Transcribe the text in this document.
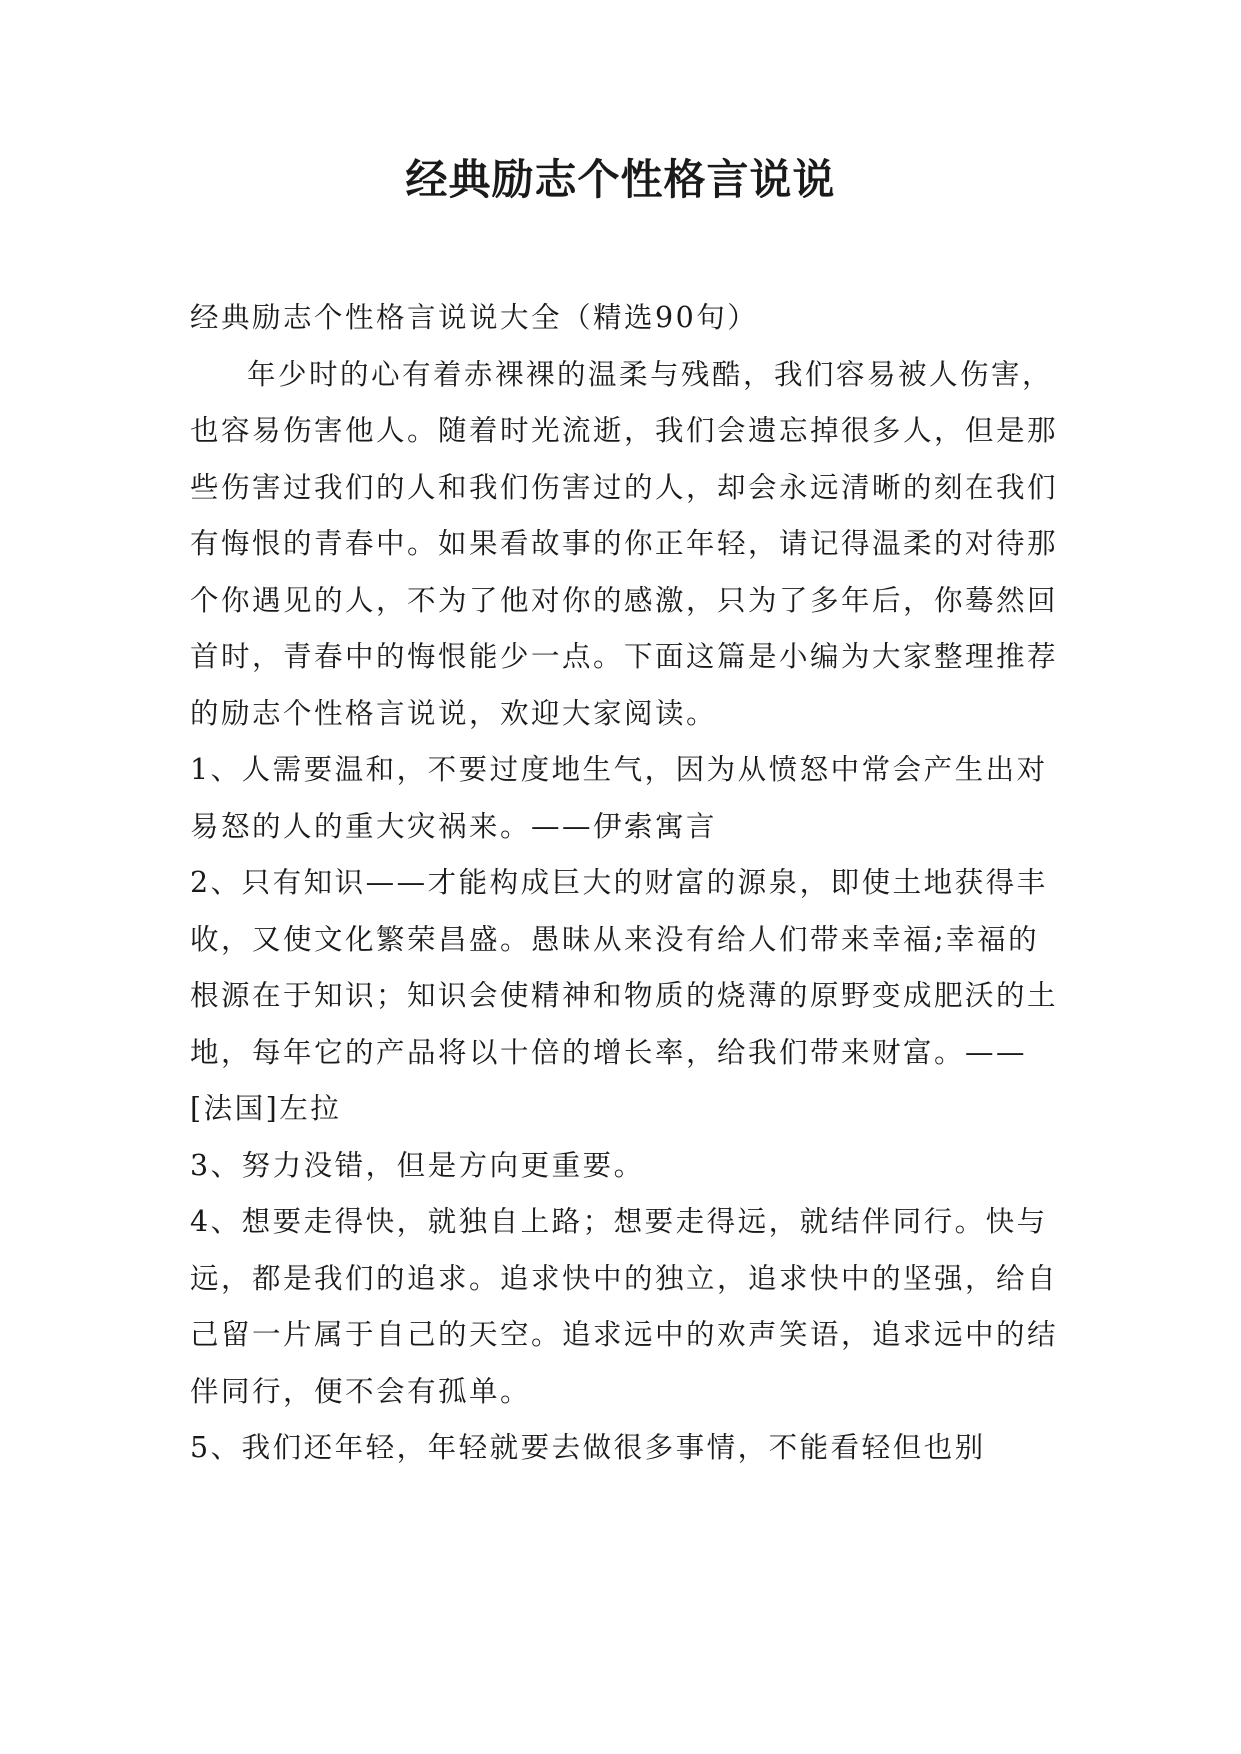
经典励志个性格言说说

经典励志个性格言说说大全（精选90句）

年少时的心有着赤裸裸的温柔与残酷，我们容易被人伤害，也容易伤害他人。随着时光流逝，我们会遗忘掉很多人，但是那些伤害过我们的人和我们伤害过的人，却会永远清晰的刻在我们有悔恨的青春中。如果看故事的你正年轻，请记得温柔的对待那个你遇见的人，不为了他对你的感激，只为了多年后，你蓦然回首时，青春中的悔恨能少一点。下面这篇是小编为大家整理推荐的励志个性格言说说，欢迎大家阅读。

1、人需要温和，不要过度地生气，因为从愤怒中常会产生出对易怒的人的重大灾祸来。——伊索寓言

2、只有知识——才能构成巨大的财富的源泉，即使土地获得丰收，又使文化繁荣昌盛。愚昧从来没有给人们带来幸福;幸福的根源在于知识；知识会使精神和物质的烧薄的原野变成肥沃的土地，每年它的产品将以十倍的增长率，给我们带来财富。——[法国]左拉

3、努力没错，但是方向更重要。

4、想要走得快，就独自上路；想要走得远，就结伴同行。快与远，都是我们的追求。追求快中的独立，追求快中的坚强，给自己留一片属于自己的天空。追求远中的欢声笑语，追求远中的结 伴同行，便不会有孤单。

5、我们还年轻，年轻就要去做很多事情，不能看轻但也别
